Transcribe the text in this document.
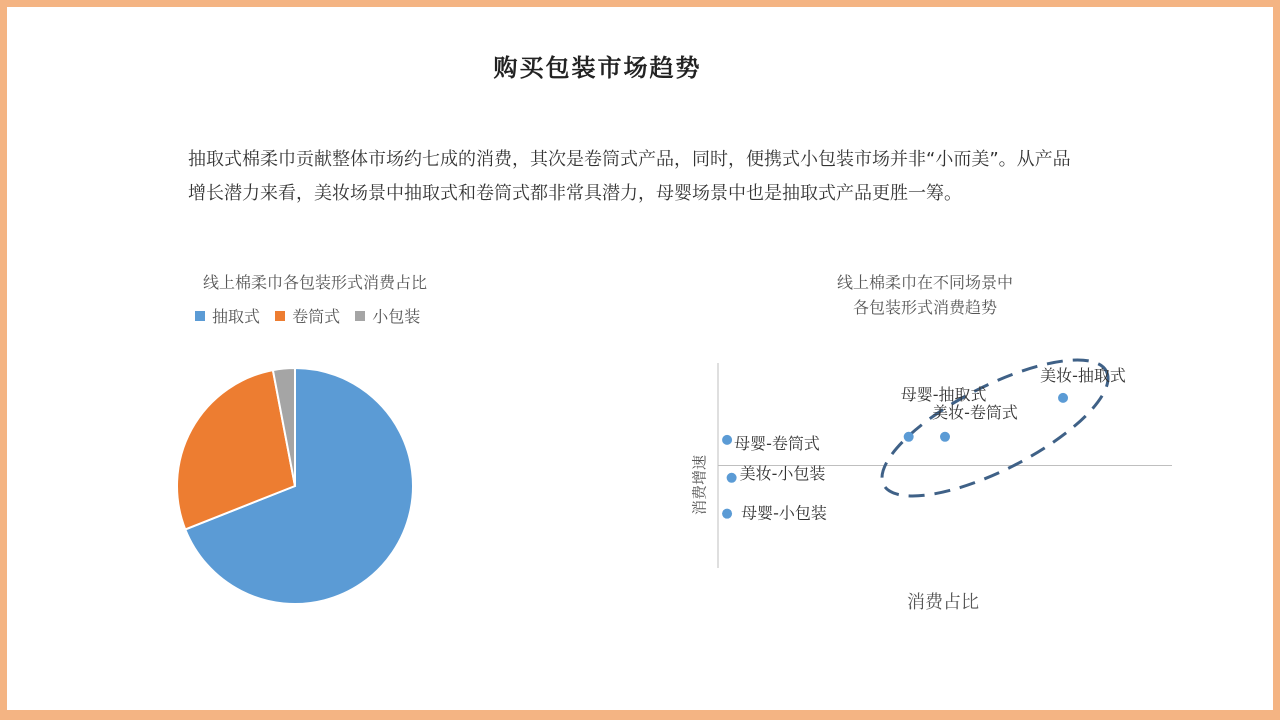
购买包装市场趋势
抽取式棉柔巾贡献整体市场约七成的消费，其次是卷筒式产品，同时，便携式小包装市场并非“小而美”。从产品
增长潜力来看，美妆场景中抽取式和卷筒式都非常具潜力，母婴场景中也是抽取式产品更胜一筹。
线上棉柔巾各包装形式消费占比
抽取式
卷筒式
小包装
线上棉柔巾在不同场景中
各包装形式消费趋势
消费占比
消费增速
母婴-卷筒式
美妆-小包装
母婴-小包装
母婴-抽取式
美妆-卷筒式
美妆-抽取式
